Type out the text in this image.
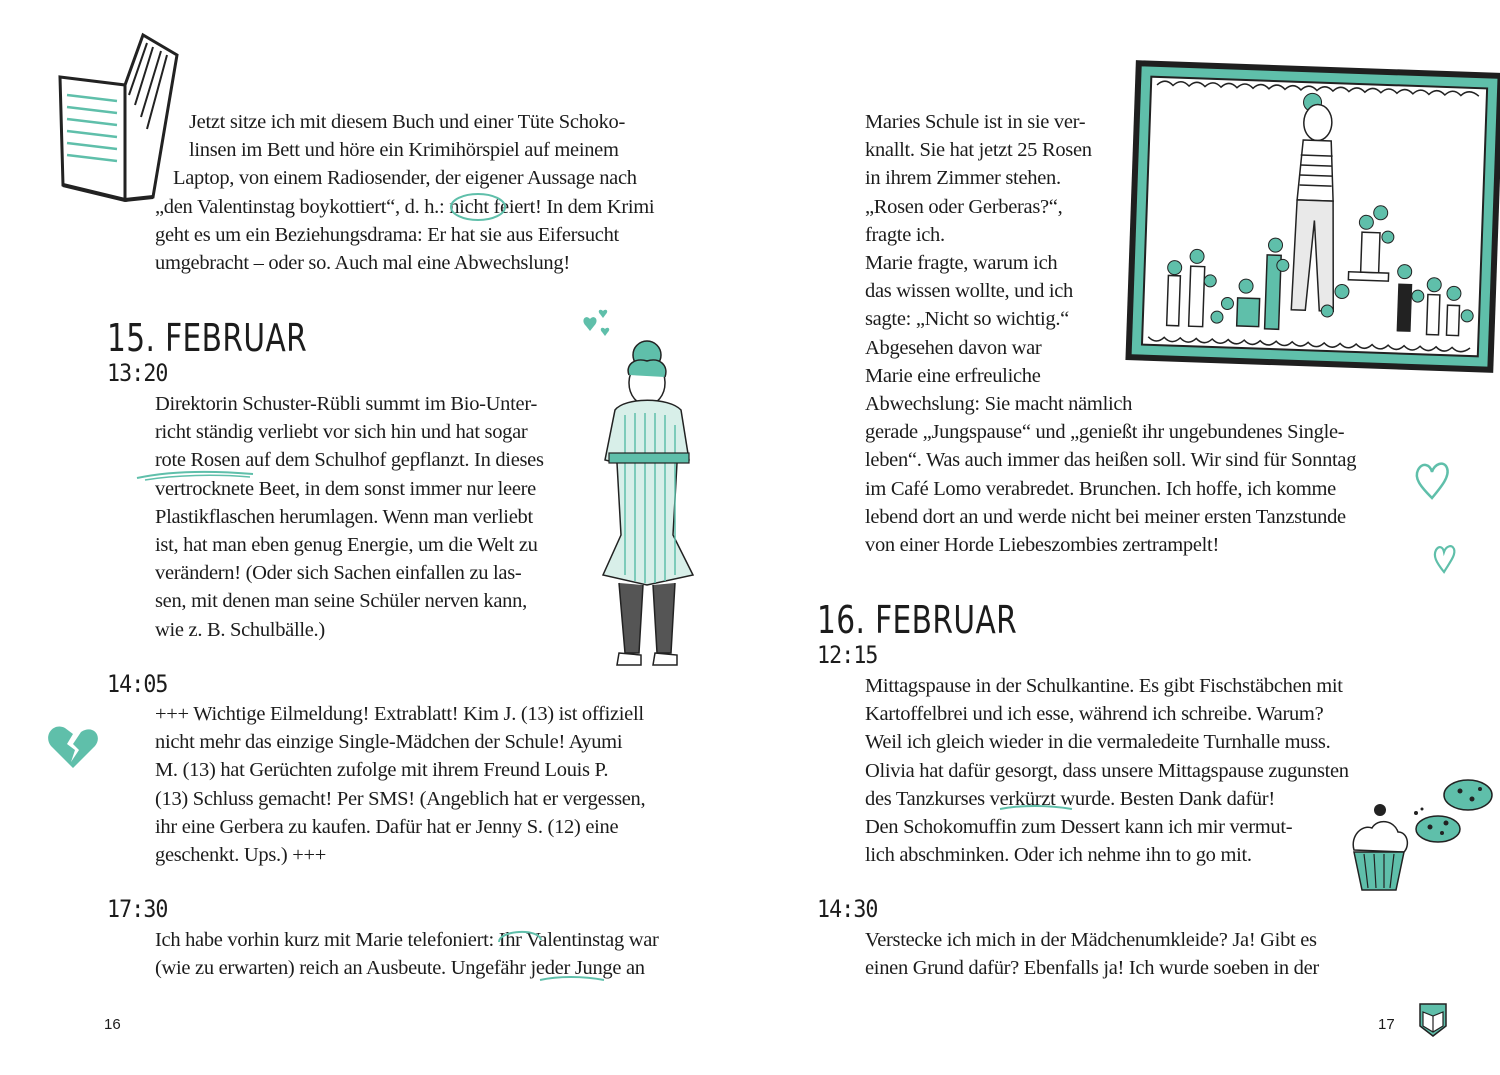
Jetzt sitze ich mit diesem Buch und einer Tüte Schoko-
linsen im Bett und höre ein Krimihörspiel auf meinem
Laptop, von einem Radiosender, der eigener Aussage nach
„den Valentinstag boykottiert“, d. h.: nicht feiert! In dem Krimi
geht es um ein Beziehungsdrama: Er hat sie aus Eifersucht
umgebracht – oder so. Auch mal eine Abwechslung!
15. FEBRUAR

13:20

Direktorin Schuster-Rübli summt im Bio-Unter-
richt ständig verliebt vor sich hin und hat sogar
rote Rosen auf dem Schulhof gepflanzt. In dieses
vertrocknete Beet, in dem sonst immer nur leere
Plastikflaschen herumlagen. Wenn man verliebt
ist, hat man eben genug Energie, um die Welt zu
verändern! (Oder sich Sachen einfallen zu las-
sen, mit denen man seine Schüler nerven kann,
wie z. B. Schulbälle.)

14:05

+++ Wichtige Eilmeldung! Extrablatt! Kim J. (13) ist offiziell
nicht mehr das einzige Single-Mädchen der Schule! Ayumi
M. (13) hat Gerüchten zufolge mit ihrem Freund Louis P.
(13) Schluss gemacht! Per SMS! (Angeblich hat er vergessen,
ihr eine Gerbera zu kaufen. Dafür hat er Jenny S. (12) eine
geschenkt. Ups.) +++

17:30

Ich habe vorhin kurz mit Marie telefoniert: Ihr Valentinstag war
(wie zu erwarten) reich an Ausbeute. Ungefähr jeder Junge an
16
Maries Schule ist in sie ver-
knallt. Sie hat jetzt 25 Rosen
in ihrem Zimmer stehen.
„Rosen oder Gerberas?“,
fragte ich.
Marie fragte, warum ich
das wissen wollte, und ich
sagte: „Nicht so wichtig.“
Abgesehen davon war
Marie eine erfreuliche
Abwechslung: Sie macht nämlich
gerade „Jungspause“ und „genießt ihr ungebundenes Single-
leben“. Was auch immer das heißen soll. Wir sind für Sonntag
im Café Lomo verabredet. Brunchen. Ich hoffe, ich komme
lebend dort an und werde nicht bei meiner ersten Tanzstunde
von einer Horde Liebeszombies zertrampelt!
16. FEBRUAR

12:15

Mittagspause in der Schulkantine. Es gibt Fischstäbchen mit
Kartoffelbrei und ich esse, während ich schreibe. Warum?
Weil ich gleich wieder in die vermaledeite Turnhalle muss.
Olivia hat dafür gesorgt, dass unsere Mittagspause zugunsten
des Tanzkurses verkürzt wurde. Besten Dank dafür!
Den Schokomuffin zum Dessert kann ich mir vermut-
lich abschminken. Oder ich nehme ihn to go mit.

14:30

Verstecke ich mich in der Mädchenumkleide? Ja! Gibt es
einen Grund dafür? Ebenfalls ja! Ich wurde soeben in der
17
